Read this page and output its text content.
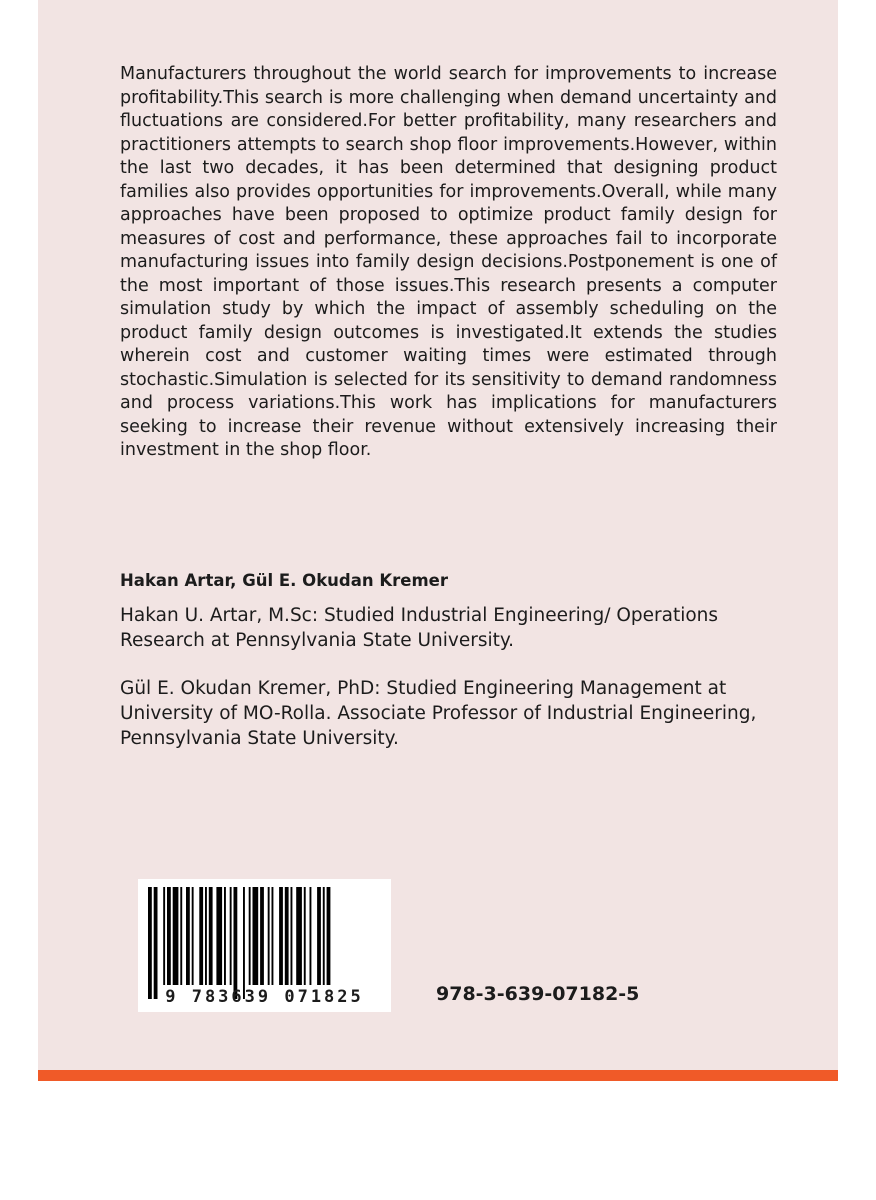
Manufacturers throughout the world search for improvements to increase profitability.This search is more challenging when demand uncertainty and fluctuations are considered.For better profitability, many researchers and practitioners attempts to search shop floor improvements.However, within the last two decades, it has been determined that designing product families also provides opportunities for improvements.Overall, while many approaches have been proposed to optimize product family design for measures of cost and performance, these approaches fail to incorporate manufacturing issues into family design decisions.Postponement is one of the most important of those issues.This research presents a computer simulation study by which the impact of assembly scheduling on the product family design outcomes is investigated.It extends the studies wherein cost and customer waiting times were estimated through stochastic.Simulation is selected for its sensitivity to demand randomness and process variations.This work has implications for manufacturers seeking to increase their revenue without extensively increasing their investment in the shop floor.

Hakan Artar, Gül E. Okudan Kremer

Hakan U. Artar, M.Sc: Studied Industrial Engineering/ Operations Research at Pennsylvania State University.

Gül E. Okudan Kremer, PhD: Studied Engineering Management at University of MO-Rolla. Associate Professor of Industrial Engineering, Pennsylvania State University.

9 783639 071825	978-3-639-07182-5
